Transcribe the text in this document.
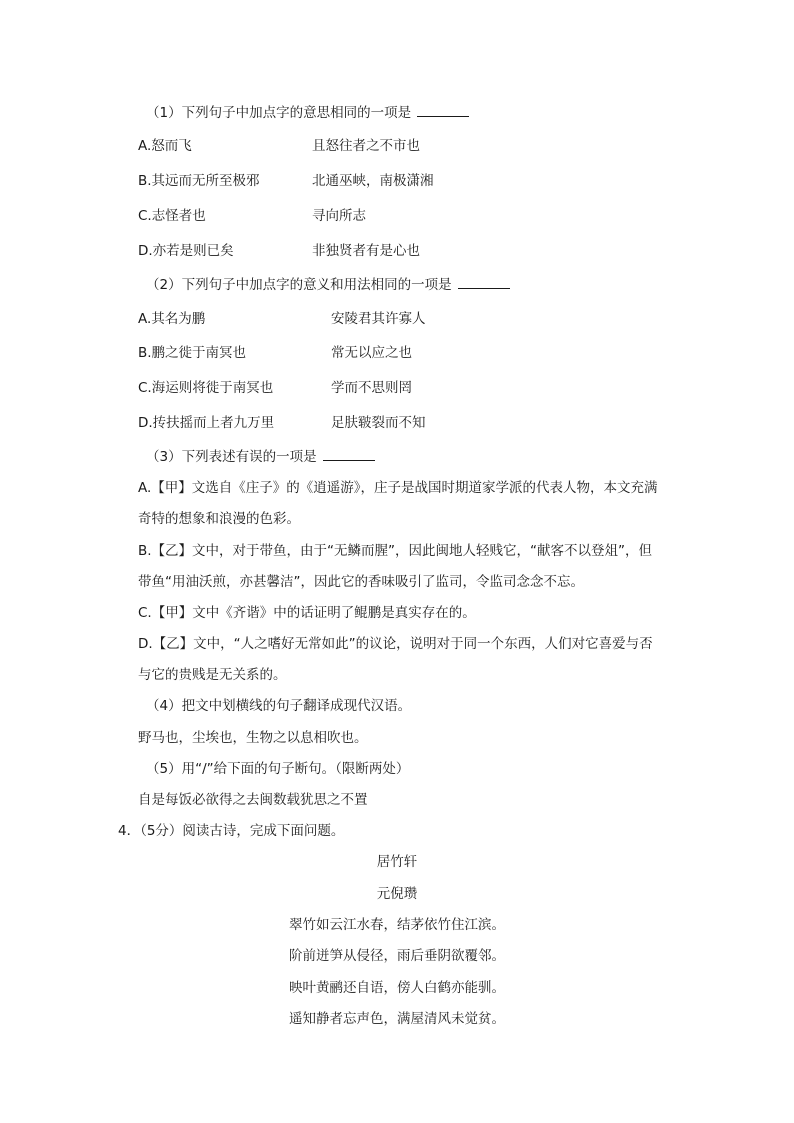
（1）下列句子中加点字的意思相同的一项是
A.怒而飞	且怒往者之不市也
B.其远而无所至极邪	北通巫峡，南极潇湘
C.志怪者也	寻向所志
D.亦若是则已矣	非独贤者有是心也
（2）下列句子中加点字的意义和用法相同的一项是
A.其名为鹏	安陵君其许寡人
B.鹏之徙于南冥也	常无以应之也
C.海运则将徙于南冥也	学而不思则罔
D.抟扶摇而上者九万里	足肤皲裂而不知
（3）下列表述有误的一项是
A.【甲】文选自《庄子》的《逍遥游》，庄子是战国时期道家学派的代表人物，本文充满
奇特的想象和浪漫的色彩。
B.【乙】文中，对于带鱼，由于“无鳞而腥”，因此闽地人轻贱它，“献客不以登俎”，但
带鱼“用油沃煎，亦甚馨洁”，因此它的香味吸引了监司，令监司念念不忘。
C.【甲】文中《齐谐》中的话证明了鲲鹏是真实存在的。
D.【乙】文中，“人之嗜好无常如此”的议论，说明对于同一个东西，人们对它喜爱与否
与它的贵贱是无关系的。
（4）把文中划横线的句子翻译成现代汉语。
野马也，尘埃也，生物之以息相吹也。
（5）用“/”给下面的句子断句。（限断两处）
自是每饭必欲得之去闽数载犹思之不置
4．（5分）阅读古诗，完成下面问题。
居竹轩
元倪瓒
翠竹如云江水春，结茅依竹住江滨。
阶前迸笋从侵径，雨后垂阴欲覆邻。
映叶黄鹂还自语，傍人白鹤亦能驯。
遥知静者忘声色，满屋清风未觉贫。
